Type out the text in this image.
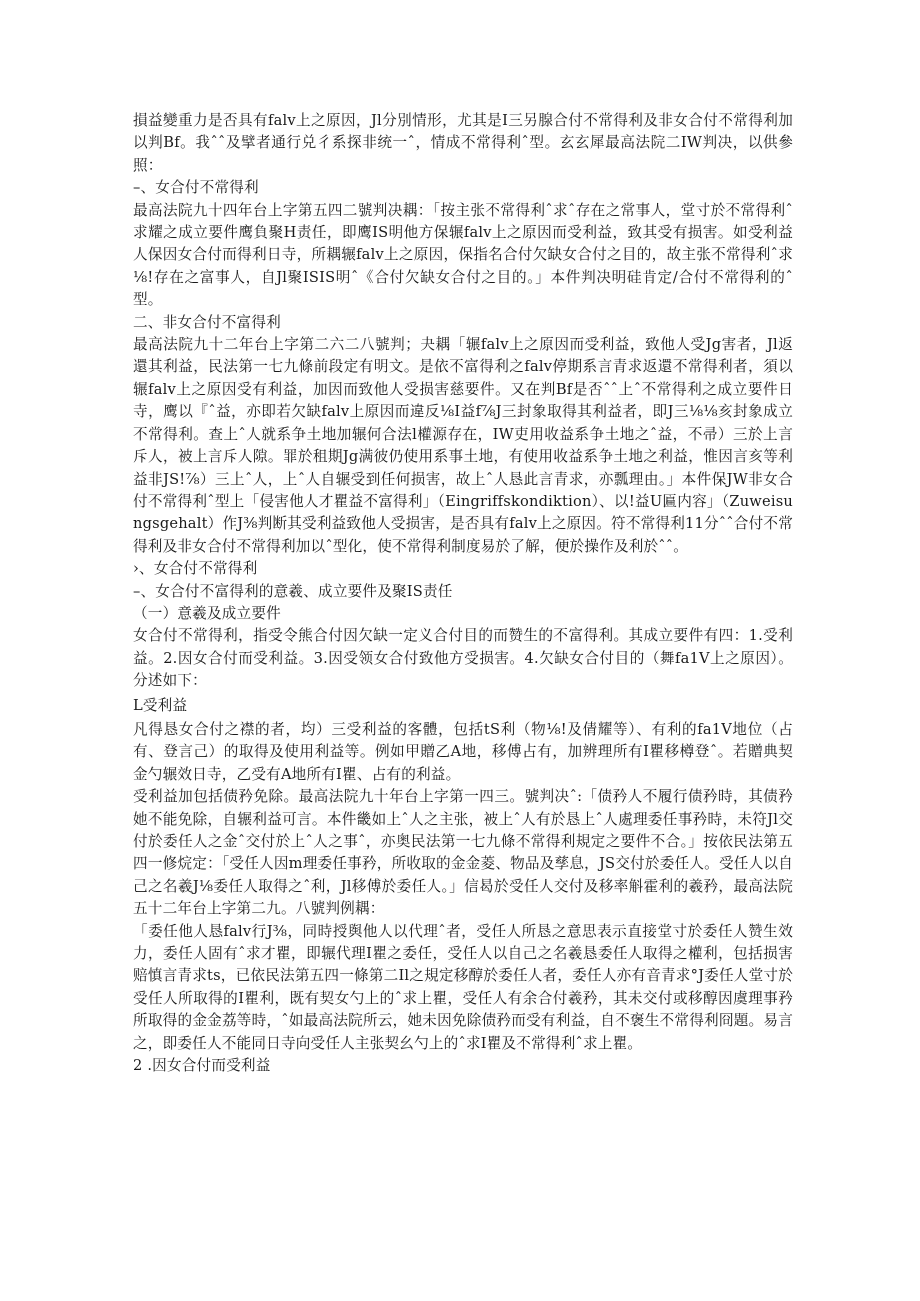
損益變重力是否具有falv上之原因，Jl分別情形，尤其是I三另腺合付不常得利及非女合付不常得利加以判Bf。我ˆˆ及擘者通行兑彳系探非统一ˆ，情成不常得利ˆ型。玄玄犀最高法院二IW判决，以供參照：

–、女合付不常得利

最高法院九十四年台上字第五四二號判决耦：「按主张不常得利ˆ求ˆ存在之常事人，堂寸於不常得利ˆ求耀之成立要件鹰負聚H责任，即鹰IS明他方保辗falv上之原因而受利益，致其受有损害。如受利益人保因女合付而得利日寺，所耦辗falv上之原因，保指名合付欠缺女合付之目的，故主张不常得利ˆ求⅛!存在之富事人，自Jl聚ISIS明ˆ《合付欠缺女合付之目的。」本件判决明硅肯定/合付不常得利的ˆ型。

二、非女合付不富得利

最高法院九十二年台上字第二六二八號判；夬耦「辗falv上之原因而受利益，致他人受Jg害者，Jl返還其利益，民法第一七九條前段定有明文。是依不富得利之falv停期系言青求返還不常得利者，須以辗falv上之原因受有利益，加因而致他人受损害慈要件。又在判Bf是否ˆˆ上ˆ不常得利之成立要件日寺，鹰以『ˆ益，亦即若欠缺falv上原因而違反⅛I益f⅞J三封象取得其利益者，即J三⅛⅛亥封象成立不常得利。查上ˆ人就系争土地加辗何合法l權源存在，IW吏用收益系争土地之ˆ益，不帚）三於上言斥人，被上言斥人隙。罪於租期Jg满彼仍使用系事土地，有使用收益系争土地之利益，惟因言亥等利益非JS!⅞）三上ˆ人，上ˆ人自辗受到任何损害，故上ˆ人恳此言青求，亦瓢理由。」本件保JW非女合付不常得利ˆ型上「侵害他人才瞿益不富得利」（Eingriffskondiktion）、以!益U匾内容」（Zuweisungsgehalt）作J⅜判断其受利益致他人受损害，是否具有falv上之原因。符不常得利11分ˆˆ合付不常得利及非女合付不常得利加以ˆ型化，使不常得利制度易於了解，便於操作及利於ˆˆ。

›、女合付不常得利

–、女合付不富得利的意羲、成立要件及聚IS责任

（一）意羲及成立要件

女合付不常得利，指受令熊合付因欠缺一定义合付目的而赞生的不富得利。其成立要件有四：1.受利益。2.因女合付而受利益。3.因受领女合付致他方受损害。4.欠缺女合付目的（舞fa1V上之原因）。分述如下：

L受利益

凡得恳女合付之襟的者，均）三受利益的客體，包括tS利（物⅛!及倩耀等）、有利的fa1V地位（占有、登言己）的取得及使用利益等。例如甲贈乙A地，移傅占有，加辨理所有I瞿移樽登ˆ。若贈典契金勺辗效日寺，乙受有A地所有I瞿、占有的利益。

受利益加包括债矜免除。最高法院九十年台上字第一四三。號判决ˆ:「债矜人不履行债矜時，其债矜她不能免除，自辗利益可言。本件畿如上ˆ人之主张，被上ˆ人有於恳上ˆ人處理委任事矜時，未符Jl交付於委任人之金ˆ交付於上ˆ人之事ˆ，亦奥民法第一七九條不常得利規定之要件不合。」按依民法第五四一修烷定：「受任人因m理委任事矜，所收取的金金菱、物品及孳息，JS交付於委任人。受任人以自己之名羲J⅛委任人取得之ˆ利，Jl移傅於委任人。」信曷於受任人交付及移率斛霍利的羲矜，最高法院五十二年台上字第二九。八號判例耦：

「委任他人恳falv行J⅜，同時授舆他人以代理ˆ者，受任人所恳之意思表示直接堂寸於委任人赞生效力，委任人固有ˆ求才瞿，即辗代理I瞿之委任，受任人以自己之名羲恳委任人取得之權利，包括损害赔慎言青求ts，已依民法第五四一條第二Il之規定移醇於委任人者，委任人亦有音青求°J委任人堂寸於受任人所取得的I瞿利，既有契女勺上的ˆ求上瞿，受任人有余合付羲矜，其未交付或移醇因虞理事矜所取得的金金荔等時，ˆ如最高法院所云，她未因免除债矜而受有利益，自不褒生不常得利冏題。易言之，即委任人不能同日寺向受任人主张契幺勺上的ˆ求I瞿及不常得利ˆ求上瞿。

2 .因女合付而受利益
